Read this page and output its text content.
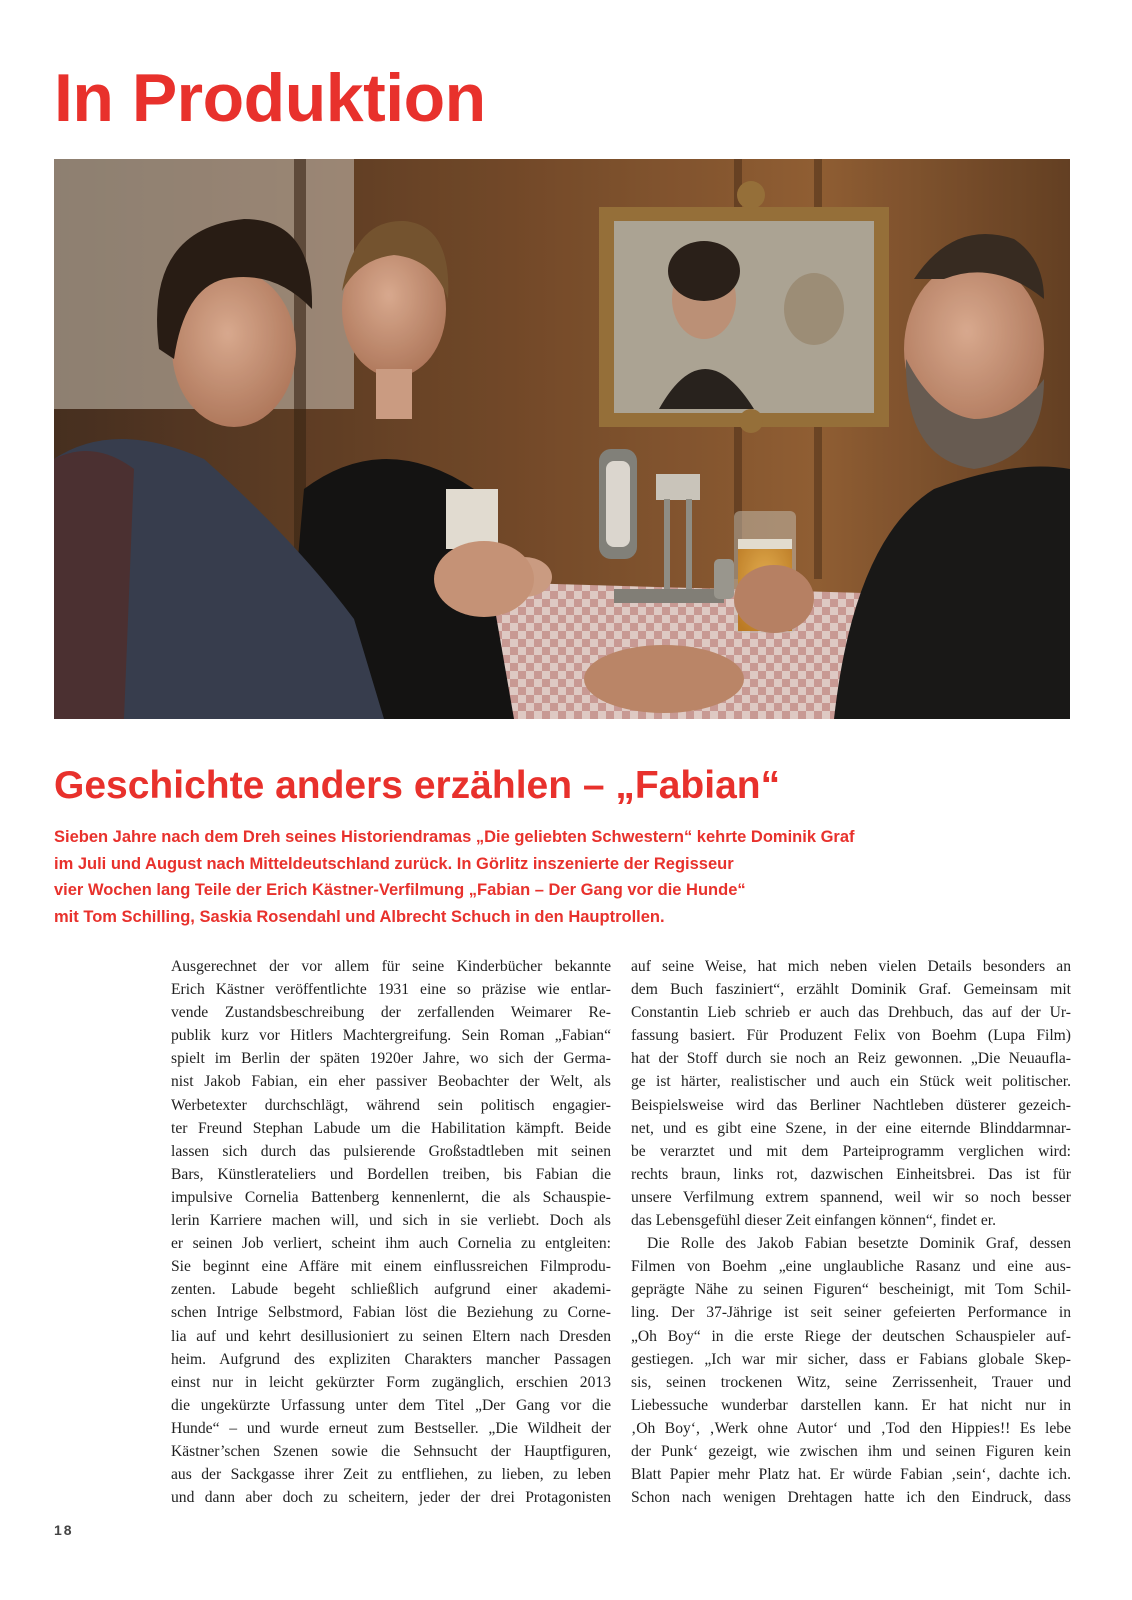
In Produktion
Geschichte anders erzählen – „Fabian“
Sieben Jahre nach dem Dreh seines Historiendramas „Die geliebten Schwestern“ kehrte Dominik Graf
im Juli und August nach Mitteldeutschland zurück. In Görlitz inszenierte der Regisseur
vier Wochen lang Teile der Erich Kästner-Verfilmung „Fabian – Der Gang vor die Hunde“
mit Tom Schilling, Saskia Rosendahl und Albrecht Schuch in den Hauptrollen.
Ausgerechnet der vor allem für seine Kinderbücher bekannte
Erich Kästner veröffentlichte 1931 eine so präzise wie entlar-
vende Zustandsbeschreibung der zerfallenden Weimarer Re-
publik kurz vor Hitlers Machtergreifung. Sein Roman „Fabian“
spielt im Berlin der späten 1920er Jahre, wo sich der Germa-
nist Jakob Fabian, ein eher passiver Beobachter der Welt, als
Werbetexter durchschlägt, während sein politisch engagier-
ter Freund Stephan Labude um die Habilitation kämpft. Beide
lassen sich durch das pulsierende Großstadtleben mit seinen
Bars, Künstlerateliers und Bordellen treiben, bis Fabian die
impulsive Cornelia Battenberg kennenlernt, die als Schauspie-
lerin Karriere machen will, und sich in sie verliebt. Doch als
er seinen Job verliert, scheint ihm auch Cornelia zu entgleiten:
Sie beginnt eine Affäre mit einem einflussreichen Filmprodu-
zenten. Labude begeht schließlich aufgrund einer akademi-
schen Intrige Selbstmord, Fabian löst die Beziehung zu Corne-
lia auf und kehrt desillusioniert zu seinen Eltern nach Dresden
heim. Aufgrund des expliziten Charakters mancher Passagen
einst nur in leicht gekürzter Form zugänglich, erschien 2013
die ungekürzte Urfassung unter dem Titel „Der Gang vor die
Hunde“ – und wurde erneut zum Bestseller. „Die Wildheit der
Kästner’schen Szenen sowie die Sehnsucht der Hauptfiguren,
aus der Sackgasse ihrer Zeit zu entfliehen, zu lieben, zu leben
und dann aber doch zu scheitern, jeder der drei Protagonisten
auf seine Weise, hat mich neben vielen Details besonders an
dem Buch fasziniert“, erzählt Dominik Graf. Gemeinsam mit
Constantin Lieb schrieb er auch das Drehbuch, das auf der Ur-
fassung basiert. Für Produzent Felix von Boehm (Lupa Film)
hat der Stoff durch sie noch an Reiz gewonnen. „Die Neuaufla-
ge ist härter, realistischer und auch ein Stück weit politischer.
Beispielsweise wird das Berliner Nachtleben düsterer gezeich-
net, und es gibt eine Szene, in der eine eiternde Blinddarmnar-
be verarztet und mit dem Parteiprogramm verglichen wird:
rechts braun, links rot, dazwischen Einheitsbrei. Das ist für
unsere Verfilmung extrem spannend, weil wir so noch besser
das Lebensgefühl dieser Zeit einfangen können“, findet er.
Die Rolle des Jakob Fabian besetzte Dominik Graf, dessen
Filmen von Boehm „eine unglaubliche Rasanz und eine aus-
geprägte Nähe zu seinen Figuren“ bescheinigt, mit Tom Schil-
ling. Der 37-Jährige ist seit seiner gefeierten Performance in
„Oh Boy“ in die erste Riege der deutschen Schauspieler auf-
gestiegen. „Ich war mir sicher, dass er Fabians globale Skep-
sis, seinen trockenen Witz, seine Zerrissenheit, Trauer und
Liebessuche wunderbar darstellen kann. Er hat nicht nur in
‚Oh Boy‘, ‚Werk ohne Autor‘ und ‚Tod den Hippies!! Es lebe
der Punk‘ gezeigt, wie zwischen ihm und seinen Figuren kein
Blatt Papier mehr Platz hat. Er würde Fabian ‚sein‘, dachte ich.
Schon nach wenigen Drehtagen hatte ich den Eindruck, dass
18
